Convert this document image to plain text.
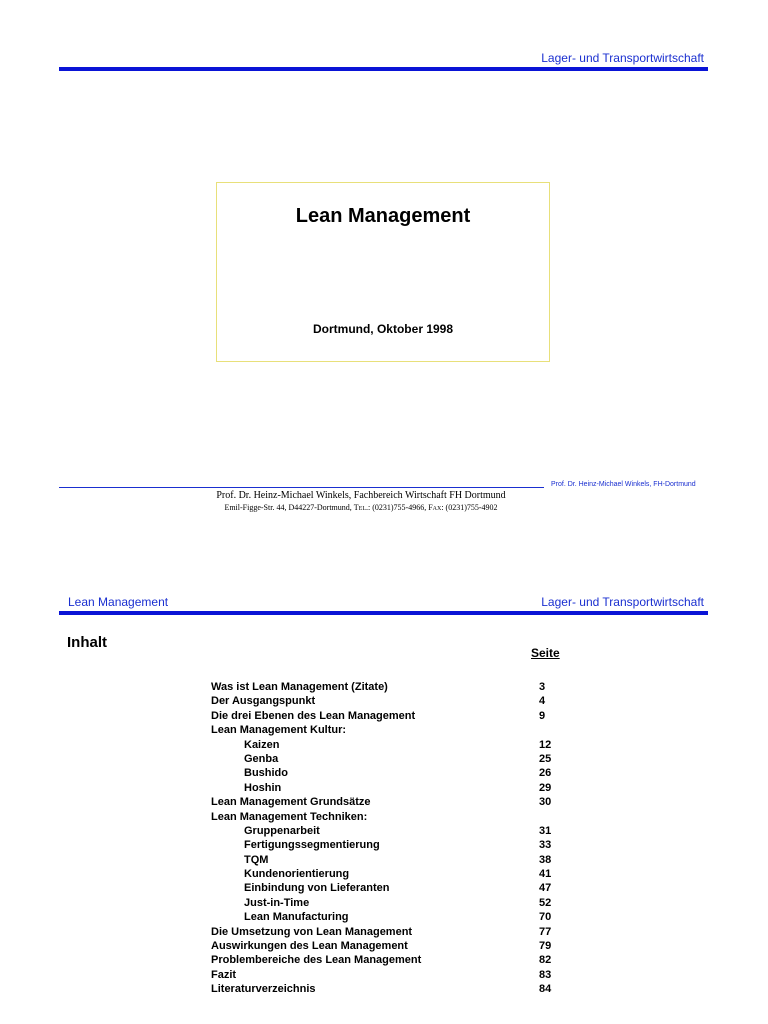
Lager- und Transportwirtschaft
Lean Management
Dortmund, Oktober 1998
Prof. Dr. Heinz-Michael Winkels, FH-Dortmund
Prof. Dr. Heinz-Michael Winkels, Fachbereich Wirtschaft FH Dortmund
Emil-Figge-Str. 44, D44227-Dortmund, Tel.: (0231)755-4966, Fax: (0231)755-4902
Lean Management	Lager- und Transportwirtschaft
Inhalt
Seite
Was ist Lean Management (Zitate)	3
Der Ausgangspunkt	4
Die drei Ebenen des Lean Management	9
Lean Management Kultur:
Kaizen	12
Genba	25
Bushido	26
Hoshin	29
Lean Management Grundsätze	30
Lean Management Techniken:
Gruppenarbeit	31
Fertigungssegmentierung	33
TQM	38
Kundenorientierung	41
Einbindung von Lieferanten	47
Just-in-Time	52
Lean Manufacturing	70
Die Umsetzung von Lean Management	77
Auswirkungen des Lean Management	79
Problembereiche des Lean Management	82
Fazit	83
Literaturverzeichnis	84
